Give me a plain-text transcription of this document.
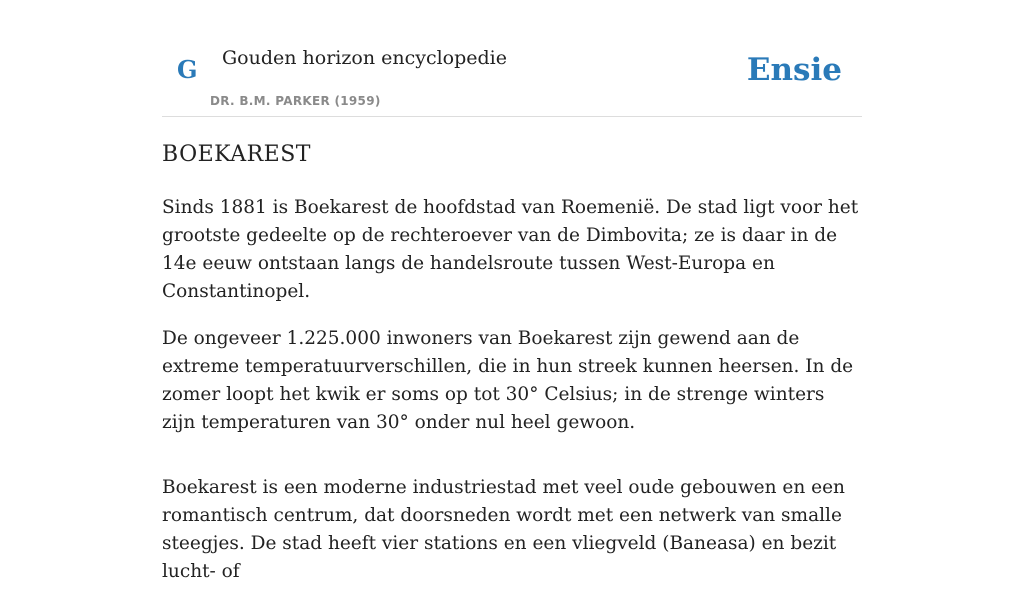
G Gouden horizon encyclopedie
DR. B.M. PARKER (1959)
Ensie
BOEKAREST

Sinds 1881 is Boekarest de hoofdstad van Roemenië. De stad ligt voor het grootste gedeelte op de rechteroever van de Dimbovita; ze is daar in de 14e eeuw ontstaan langs de handelsroute tussen West-Europa en Constantinopel.

De ongeveer 1.225.000 inwoners van Boekarest zijn gewend aan de extreme temperatuurverschillen, die in hun streek kunnen heersen. In de zomer loopt het kwik er soms op tot 30° Celsius; in de strenge winters zijn temperaturen van 30° onder nul heel gewoon.

Boekarest is een moderne industriestad met veel oude gebouwen en een romantisch centrum, dat doorsneden wordt met een netwerk van smalle steegjes. De stad heeft vier stations en een vliegveld (Baneasa) en bezit lucht- of
